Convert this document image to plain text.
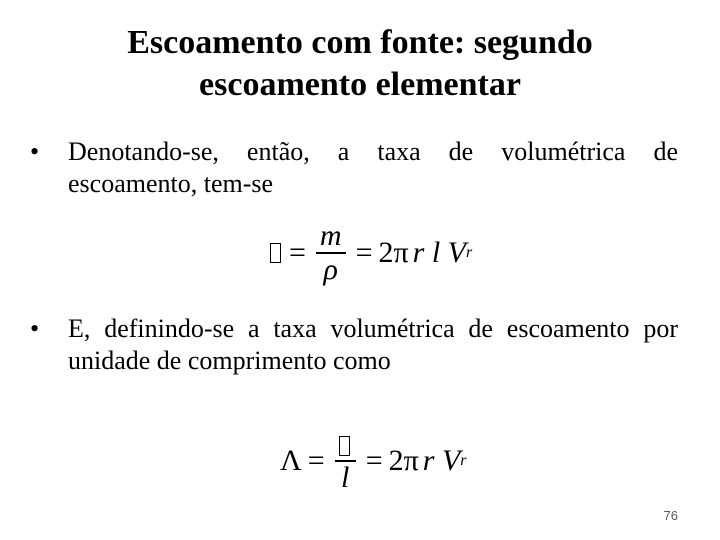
Escoamento com fonte: segundo
escoamento elementar
•	Denotando-se, então, a taxa de volumétrica de escoamento, tem-se
= $\frac{m}{\rho} = 2\pi$ r l V r
•	E, definindo-se a taxa volumétrica de escoamento por unidade de comprimento como
Λ =
l
= 2π r V r
76
